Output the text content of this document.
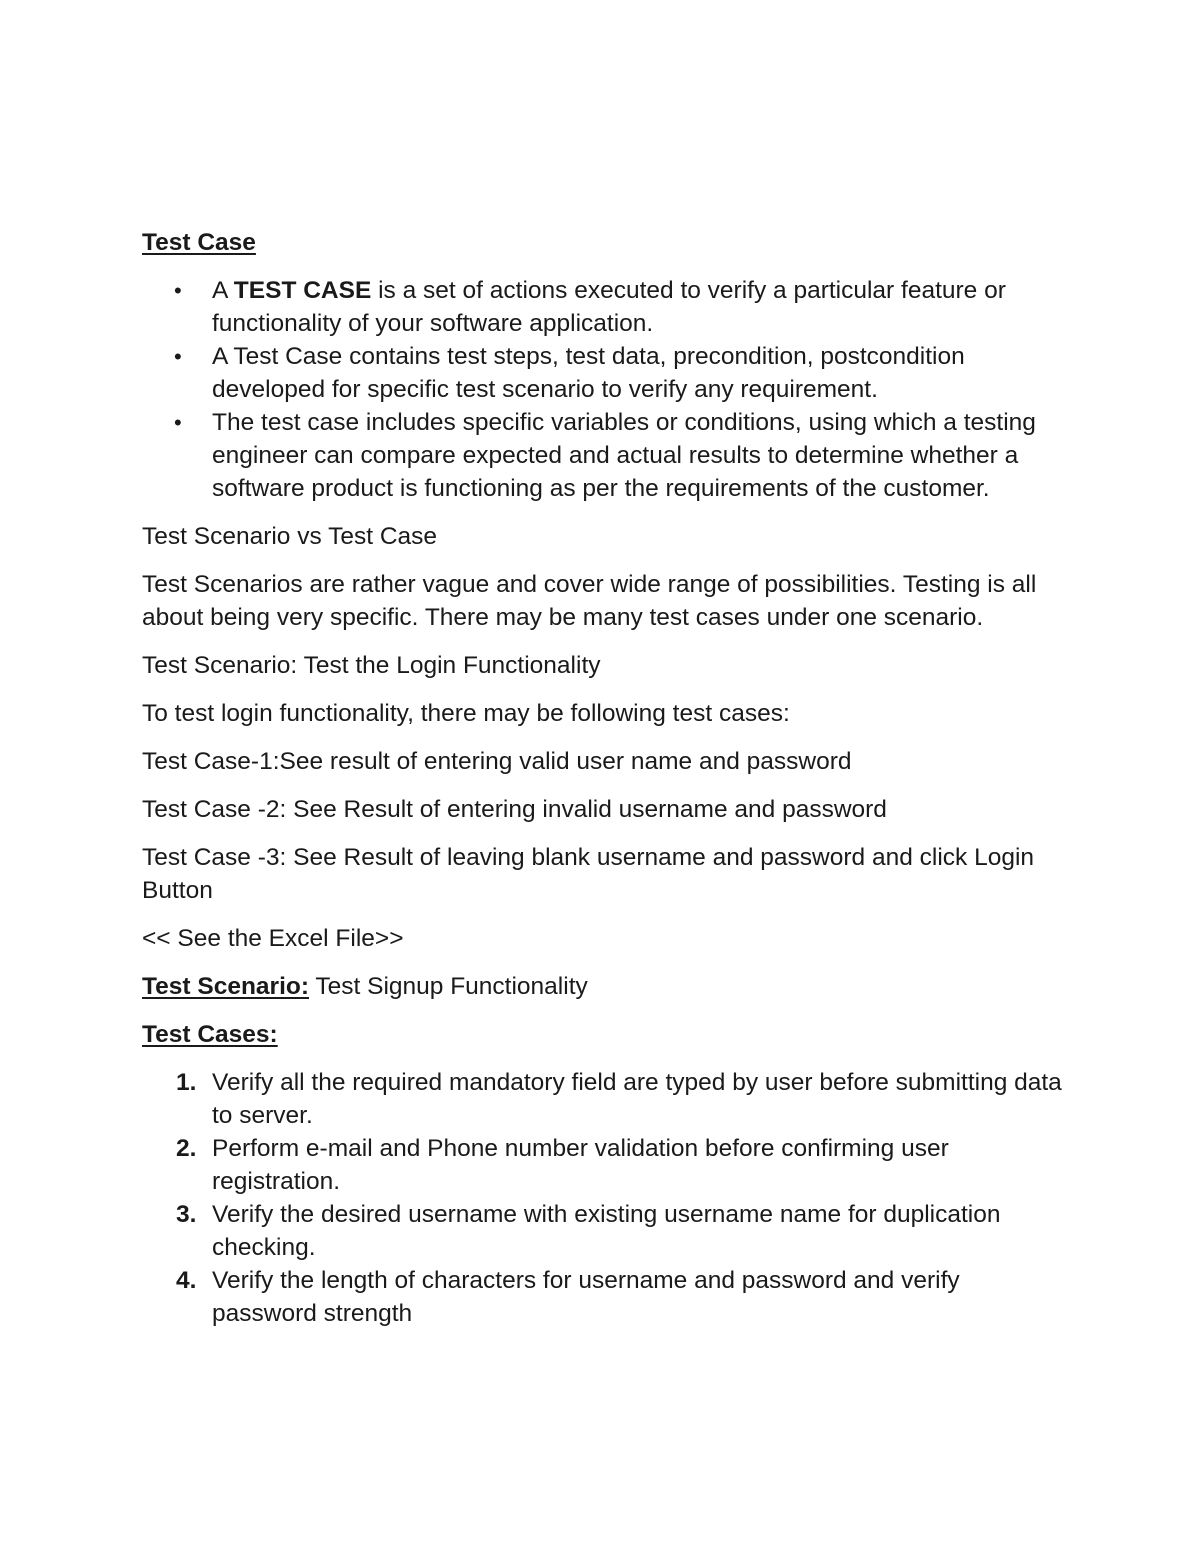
Test Case
• A TEST CASE is a set of actions executed to verify a particular feature or functionality of your software application.
• A Test Case contains test steps, test data, precondition, postcondition developed for specific test scenario to verify any requirement.
• The test case includes specific variables or conditions, using which a testing engineer can compare expected and actual results to determine whether a software product is functioning as per the requirements of the customer.
Test Scenario vs Test Case
Test Scenarios are rather vague and cover wide range of possibilities. Testing is all about being very specific. There may be many test cases under one scenario.
Test Scenario: Test the Login Functionality
To test login functionality, there may be following test cases:
Test Case-1:See result of entering valid user name and password
Test Case -2: See Result of entering invalid username and password
Test Case -3: See Result of leaving blank username and password and click Login Button
<< See the Excel File>>
Test Scenario: Test Signup Functionality
Test Cases:
1. Verify all the required mandatory field are typed by user before submitting data to server.
2. Perform e-mail and Phone number validation before confirming user registration.
3. Verify the desired username with existing username name for duplication checking.
4. Verify the length of characters for username and password and verify password strength
